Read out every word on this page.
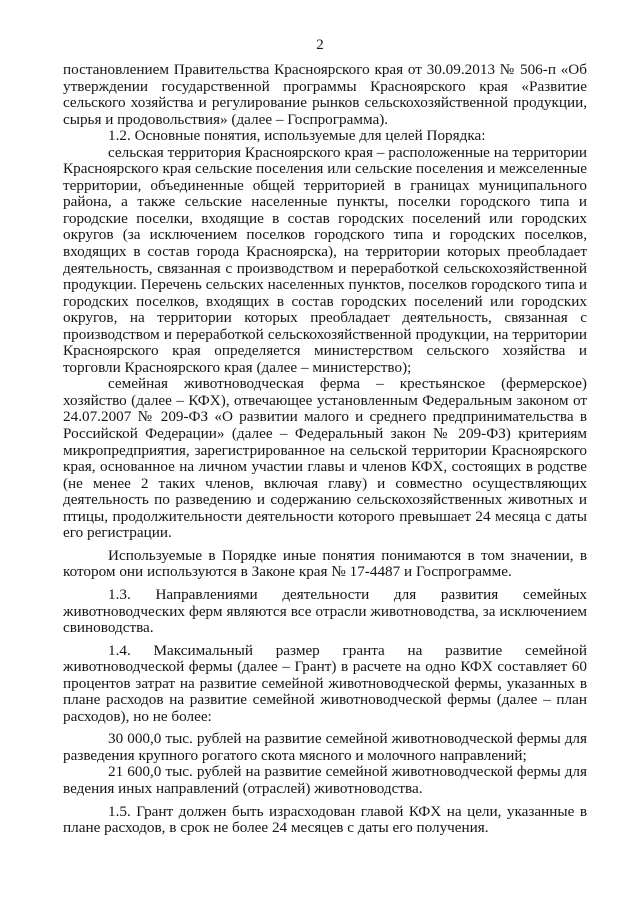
2

постановлением Правительства Красноярского края от 30.09.2013 № 506-п «Об утверждении государственной программы Красноярского края «Развитие сельского хозяйства и регулирование рынков сельскохозяйственной продукции, сырья и продовольствия» (далее – Госпрограмма).

1.2. Основные понятия, используемые для целей Порядка:

сельская территория Красноярского края – расположенные на территории Красноярского края сельские поселения или сельские поселения и межселенные территории, объединенные общей территорией в границах муниципального района, а также сельские населенные пункты, поселки городского типа и городские поселки, входящие в состав городских поселений или городских округов (за исключением поселков городского типа и городских поселков, входящих в состав города Красноярска), на территории которых преобладает деятельность, связанная с производством и переработкой сельскохозяйственной продукции. Перечень сельских населенных пунктов, поселков городского типа и городских поселков, входящих в состав городских поселений или городских округов, на территории которых преобладает деятельность, связанная с производством и переработкой сельскохозяйственной продукции, на территории Красноярского края определяется министерством сельского хозяйства и торговли Красноярского края (далее – министерство);

семейная животноводческая ферма – крестьянское (фермерское) хозяйство (далее – КФХ), отвечающее установленным Федеральным законом от 24.07.2007 № 209-ФЗ «О развитии малого и среднего предпринимательства в Российской Федерации» (далее – Федеральный закон № 209-ФЗ) критериям микропредприятия, зарегистрированное на сельской территории Красноярского края, основанное на личном участии главы и членов КФХ, состоящих в родстве (не менее 2 таких членов, включая главу) и совместно осуществляющих деятельность по разведению и содержанию сельскохозяйственных животных и птицы, продолжительности деятельности которого превышает 24 месяца с даты его регистрации.

Используемые в Порядке иные понятия понимаются в том значении, в котором они используются в Законе края № 17-4487 и Госпрограмме.

1.3. Направлениями деятельности для развития семейных животноводческих ферм являются все отрасли животноводства, за исключением свиноводства.

1.4. Максимальный размер гранта на развитие семейной животноводческой фермы (далее – Грант) в расчете на одно КФХ составляет 60 процентов затрат на развитие семейной животноводческой фермы, указанных в плане расходов на развитие семейной животноводческой фермы (далее – план расходов), но не более:

30 000,0 тыс. рублей на развитие семейной животноводческой фермы для разведения крупного рогатого скота мясного и молочного направлений;

21 600,0 тыс. рублей на развитие семейной животноводческой фермы для ведения иных направлений (отраслей) животноводства.

1.5. Грант должен быть израсходован главой КФХ на цели, указанные в плане расходов, в срок не более 24 месяцев с даты его получения.
